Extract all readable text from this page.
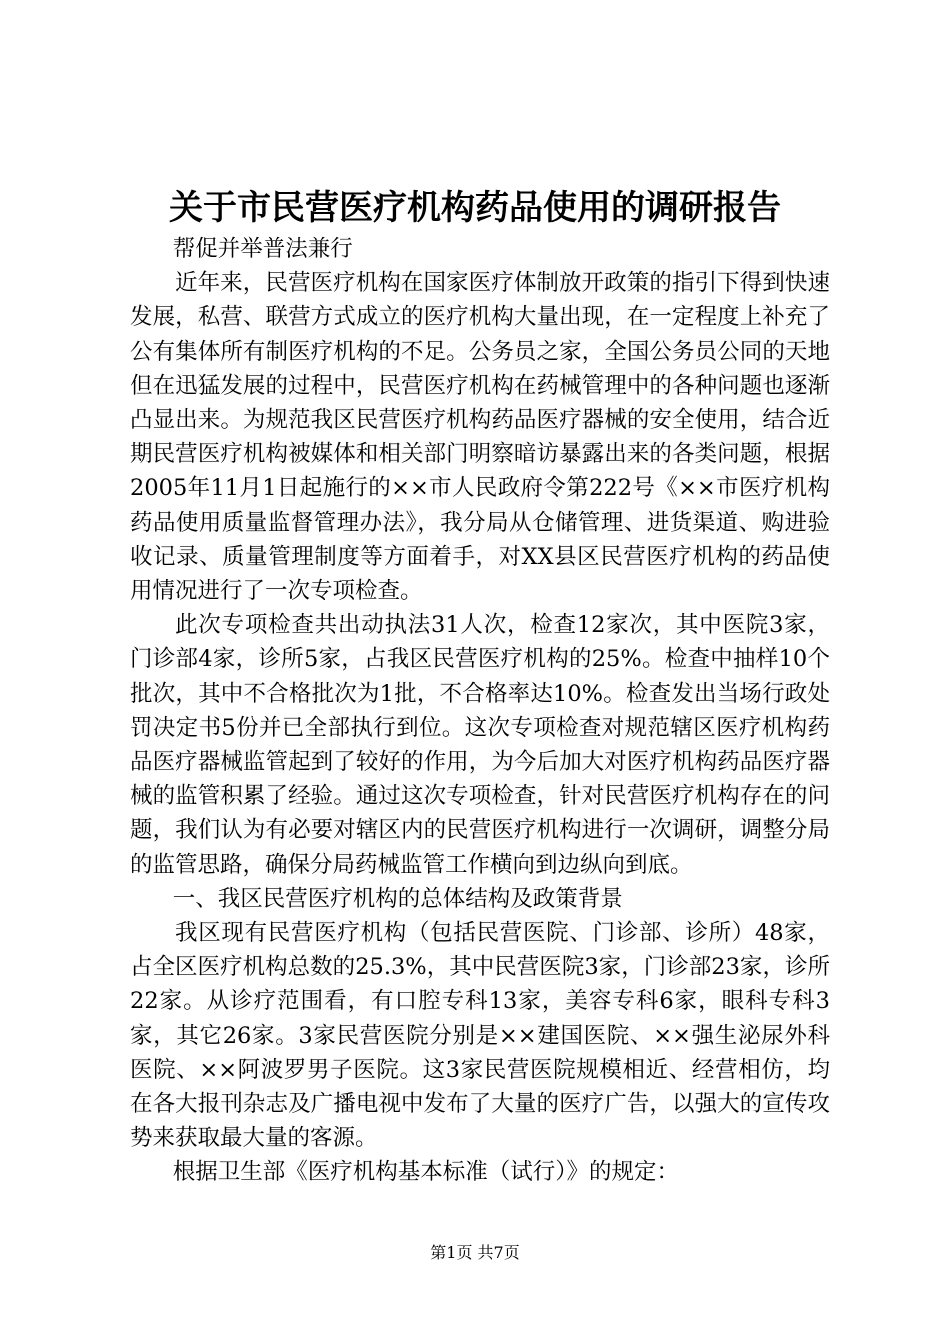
关于市民营医疗机构药品使用的调研报告

帮促并举普法兼行

近年来，民营医疗机构在国家医疗体制放开政策的指引下得到快速发展，私营、联营方式成立的医疗机构大量出现，在一定程度上补充了公有集体所有制医疗机构的不足。公务员之家，全国公务员公同的天地但在迅猛发展的过程中，民营医疗机构在药械管理中的各种问题也逐渐凸显出来。为规范我区民营医疗机构药品医疗器械的安全使用，结合近期民营医疗机构被媒体和相关部门明察暗访暴露出来的各类问题，根据2005年11月1日起施行的××市人民政府令第222号《××市医疗机构药品使用质量监督管理办法》，我分局从仓储管理、进货渠道、购进验收记录、质量管理制度等方面着手，对XX县区民营医疗机构的药品使用情况进行了一次专项检查。

此次专项检查共出动执法31人次，检查12家次，其中医院3家，门诊部4家，诊所5家，占我区民营医疗机构的25%。检查中抽样10个批次，其中不合格批次为1批，不合格率达10%。检查发出当场行政处罚决定书5份并已全部执行到位。这次专项检查对规范辖区医疗机构药品医疗器械监管起到了较好的作用，为今后加大对医疗机构药品医疗器械的监管积累了经验。通过这次专项检查，针对民营医疗机构存在的问题，我们认为有必要对辖区内的民营医疗机构进行一次调研，调整分局的监管思路，确保分局药械监管工作横向到边纵向到底。

一、我区民营医疗机构的总体结构及政策背景

我区现有民营医疗机构（包括民营医院、门诊部、诊所）48家，占全区医疗机构总数的25.3%，其中民营医院3家，门诊部23家，诊所22家。从诊疗范围看，有口腔专科13家，美容专科6家，眼科专科3家，其它26家。3家民营医院分别是××建国医院、××强生泌尿外科医院、××阿波罗男子医院。这3家民营医院规模相近、经营相仿，均在各大报刊杂志及广播电视中发布了大量的医疗广告，以强大的宣传攻势来获取最大量的客源。

根据卫生部《医疗机构基本标准（试行）》的规定：

第1页 共7页
